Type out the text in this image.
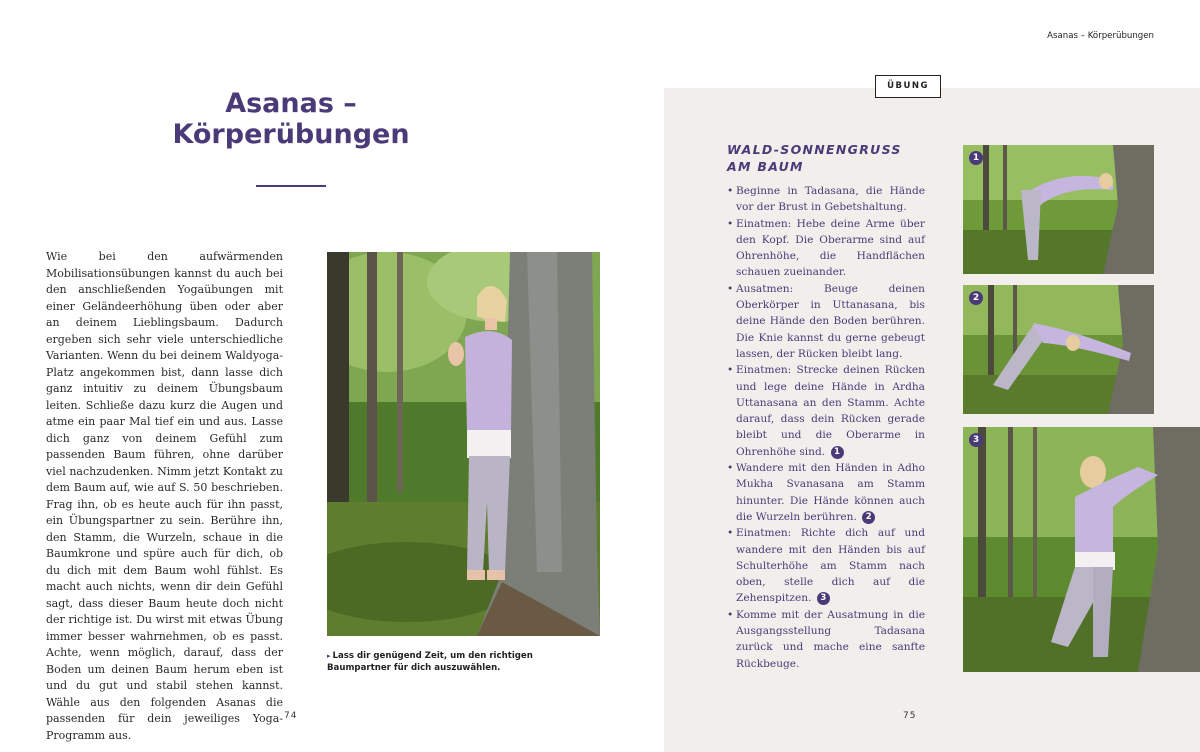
Asanas – Körperübungen
Asanas –
Körperübungen

Wie bei den aufwärmenden Mobilisationsübungen kannst du auch bei den anschließenden Yogaübungen mit einer Geländeerhöhung üben oder aber an deinem Lieblingsbaum. Dadurch ergeben sich sehr viele unterschiedliche Varianten. Wenn du bei deinem Waldyoga-Platz angekommen bist, dann lasse dich ganz intuitiv zu deinem Übungsbaum leiten. Schließe dazu kurz die Augen und atme ein paar Mal tief ein und aus. Lasse dich ganz von deinem Gefühl zum passenden Baum führen, ohne darüber viel nachzudenken. Nimm jetzt Kontakt zu dem Baum auf, wie auf S. 50 beschrieben. Frag ihn, ob es heute auch für ihn passt, ein Übungspartner zu sein. Berühre ihn, den Stamm, die Wurzeln, schaue in die Baumkrone und spüre auch für dich, ob du dich mit dem Baum wohl fühlst. Es macht auch nichts, wenn dir dein Gefühl sagt, dass dieser Baum heute doch nicht der richtige ist. Du wirst mit etwas Übung immer besser wahrnehmen, ob es passt. Achte, wenn möglich, darauf, dass der Boden um deinen Baum herum eben ist und du gut und stabil stehen kannst. Wähle aus den folgenden Asanas die passenden für dein jeweiliges Yoga-Programm aus.

▸ Lass dir genügend Zeit, um den richtigen Baumpartner für dich auszuwählen.
74
ÜBUNG
WALD-SONNENGRUSS
AM BAUM
• Beginne in Tadasana, die Hände vor der Brust in Gebetshaltung.
• Einatmen: Hebe deine Arme über den Kopf. Die Oberarme sind auf Ohrenhöhe, die Handflächen schauen zueinander.
• Ausatmen: Beuge deinen Oberkörper in Uttanasana, bis deine Hände den Boden berühren. Die Knie kannst du gerne gebeugt lassen, der Rücken bleibt lang.
• Einatmen: Strecke deinen Rücken und lege deine Hände in Ardha Uttanasana an den Stamm. Achte darauf, dass dein Rücken gerade bleibt und die Oberarme in Ohrenhöhe sind. 1
• Wandere mit den Händen in Adho Mukha Svanasana am Stamm hinunter. Die Hände können auch die Wurzeln berühren. 2
• Einatmen: Richte dich auf und wandere mit den Händen bis auf Schulterhöhe am Stamm nach oben, stelle dich auf die Zehenspitzen. 3
• Komme mit der Ausatmung in die Ausgangsstellung Tadasana zurück und mache eine sanfte Rückbeuge.
1
2
3
75
